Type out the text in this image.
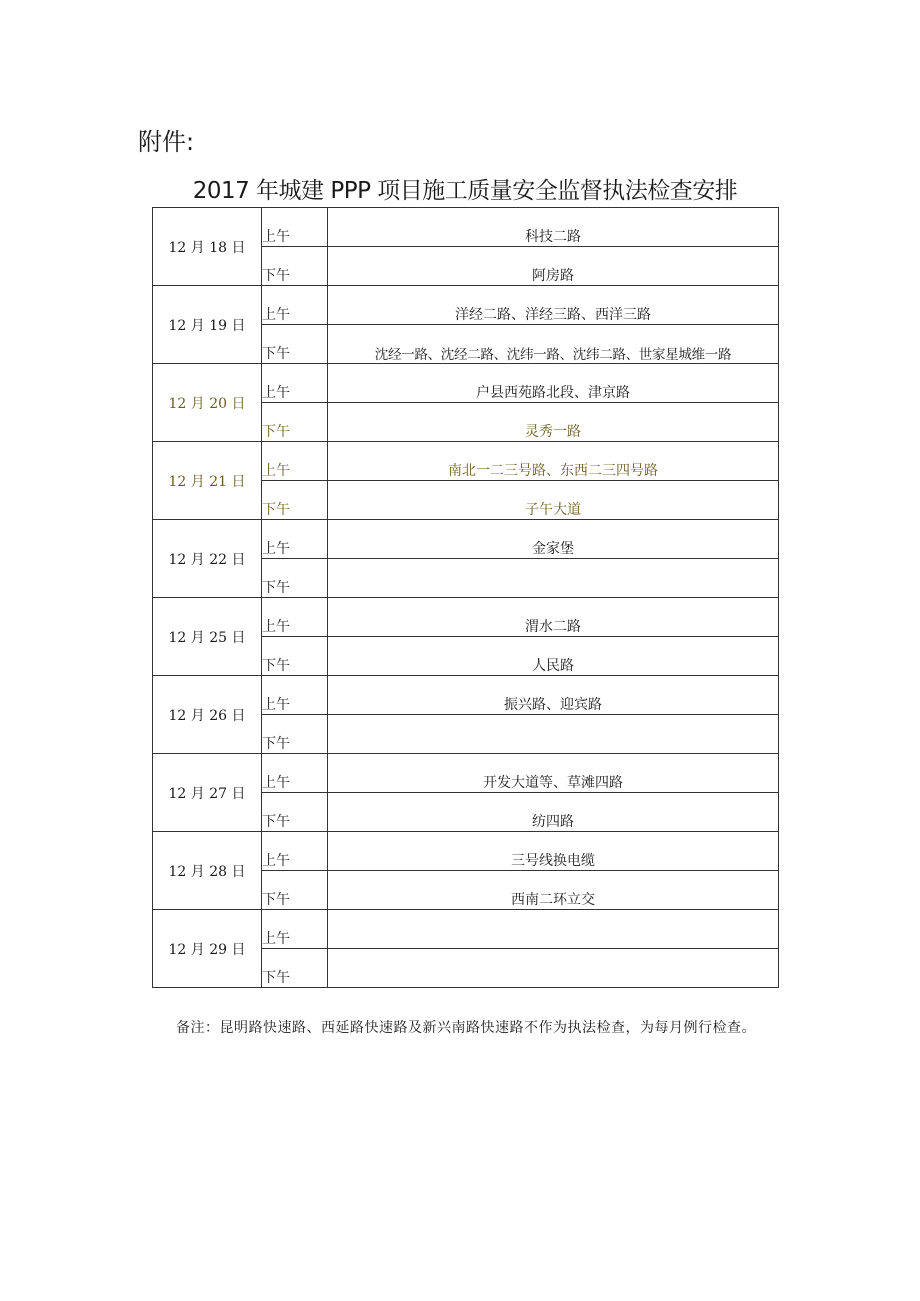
附件:
2017 年城建 PPP 项目施工质量安全监督执法检查安排
12 月 18 日	上午	科技二路
	下午	阿房路
12 月 19 日	上午	洋经二路、洋经三路、西洋三路
	下午	沈经一路、沈经二路、沈纬一路、沈纬二路、世家星城维一路
12 月 20 日	上午	户县西苑路北段、津京路
	下午	灵秀一路
12 月 21 日	上午	南北一二三号路、东西二三四号路
	下午	子午大道
12 月 22 日	上午	金家堡
	下午	
12 月 25 日	上午	渭水二路
	下午	人民路
12 月 26 日	上午	振兴路、迎宾路
	下午	
12 月 27 日	上午	开发大道等、草滩四路
	下午	纺四路
12 月 28 日	上午	三号线换电缆
	下午	西南二环立交
12 月 29 日	上午	
	下午	
备注：昆明路快速路、西延路快速路及新兴南路快速路不作为执法检查，为每月例行检查。
